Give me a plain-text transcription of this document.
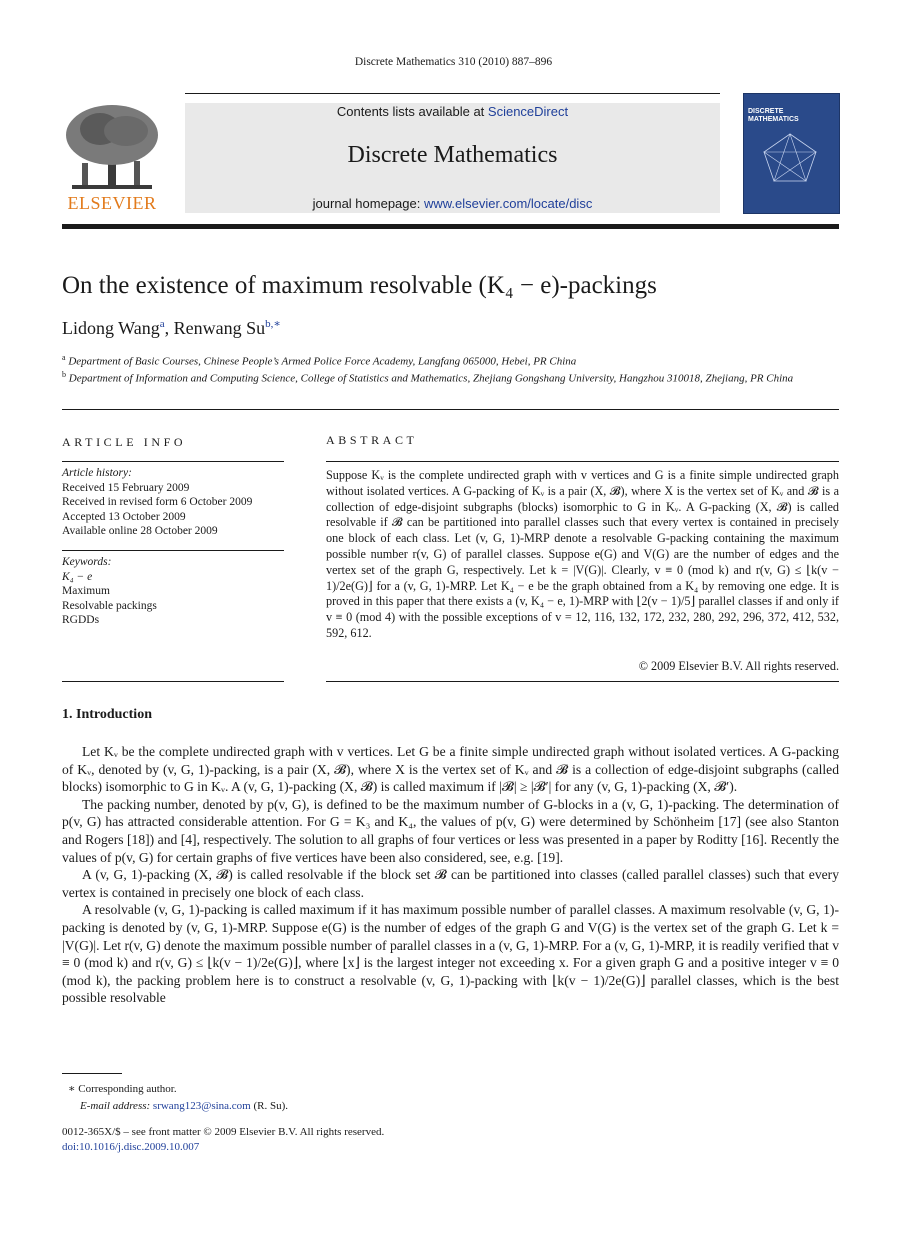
Discrete Mathematics 310 (2010) 887–896
ELSEVIER
Contents lists available at ScienceDirect
Discrete Mathematics
journal homepage: www.elsevier.com/locate/disc
DISCRETE MATHEMATICS
On the existence of maximum resolvable (K₄ − e)-packings
Lidong Wang$^a$, Renwang $Su^{b,∗}$
$^a$ Department of Basic Courses, Chinese People’s Armed Police Force Academy, Langfang 065000, Hebei, PR China
$^b$ Department of Information and Computing Science, College of Statistics and Mathematics, Zhejiang Gongshang University, Hangzhou 310018, Zhejiang, PR China
ARTICLE INFO
Article history:
Received 15 February 2009
Received in revised form 6 October 2009
Accepted 13 October 2009
Available online 28 October 2009
Keywords:
K₄ − e
Maximum
Resolvable packings
RGDDs
ABSTRACT
Suppose Kᵥ is the complete undirected graph with v vertices and G is a finite simple undirected graph without isolated vertices. A G-packing of Kᵥ is a pair (X, 𝓑), where X is the vertex set of Kᵥ and 𝓑 is a collection of edge-disjoint subgraphs (blocks) isomorphic to G in Kᵥ. A G-packing (X, 𝓑) is called resolvable if 𝓑 can be partitioned into parallel classes such that every vertex is contained in precisely one block of each class. Let (v, G, 1)-MRP denote a resolvable G-packing containing the maximum possible number r(v, G) of parallel classes. Suppose e(G) and V(G) are the number of edges and the vertex set of the graph G, respectively. Let k = |V(G)|. Clearly, v ≡ 0 (mod k) and r(v, G) ≤ ⌊k(v − 1)/2e(G)⌋ for a (v, G, 1)-MRP. Let K₄ − e be the graph obtained from a K₄ by removing one edge. It is proved in this paper that there exists a (v, K₄ − e, 1)-MRP with ⌊2(v − 1)/5⌋ parallel classes if and only if v ≡ 0 (mod 4) with the possible exceptions of v = 12, 116, 132, 172, 232, 280, 292, 296, 372, 412, 532, 592, 612.
© 2009 Elsevier B.V. All rights reserved.
1. Introduction

Let Kᵥ be the complete undirected graph with v vertices. Let G be a finite simple undirected graph without isolated vertices. A G-packing of Kᵥ, denoted by (v, G, 1)-packing, is a pair (X, 𝓑), where X is the vertex set of Kᵥ and 𝓑 is a collection of edge-disjoint subgraphs (called blocks) isomorphic to G in Kᵥ. A (v, G, 1)-packing (X, 𝓑) is called maximum if |𝓑| ≥ |𝓑′| for any (v, G, 1)-packing (X, 𝓑′).

The packing number, denoted by p(v, G), is defined to be the maximum number of G-blocks in a (v, G, 1)-packing. The determination of p(v, G) has attracted considerable attention. For G = K₃ and K₄, the values of p(v, G) were determined by Schönheim [17] (see also Stanton and Rogers [18]) and [4], respectively. The solution to all graphs of four vertices or less was presented in a paper by Roditty [16]. Recently the values of p(v, G) for certain graphs of five vertices have been also considered, see, e.g. [19].

A (v, G, 1)-packing (X, 𝓑) is called resolvable if the block set 𝓑 can be partitioned into classes (called parallel classes) such that every vertex is contained in precisely one block of each class.

A resolvable (v, G, 1)-packing is called maximum if it has maximum possible number of parallel classes. A maximum resolvable (v, G, 1)-packing is denoted by (v, G, 1)-MRP. Suppose e(G) is the number of edges of the graph G and V(G) is the vertex set of the graph G. Let k = |V(G)|. Let r(v, G) denote the maximum possible number of parallel classes in a (v, G, 1)-MRP. For a (v, G, 1)-MRP, it is readily verified that v ≡ 0 (mod k) and r(v, G) ≤ ⌊k(v − 1)/2e(G)⌋, where ⌊x⌋ is the largest integer not exceeding x. For a given graph G and a positive integer v ≡ 0 (mod k), the packing problem here is to construct a resolvable (v, G, 1)-packing with ⌊k(v − 1)/2e(G)⌋ parallel classes, which is the best possible resolvable

∗ Corresponding author.
E-mail address: srwang123@sina.com (R. Su).
0012-365X/$ – see front matter © 2009 Elsevier B.V. All rights reserved.
doi:10.1016/j.disc.2009.10.007
